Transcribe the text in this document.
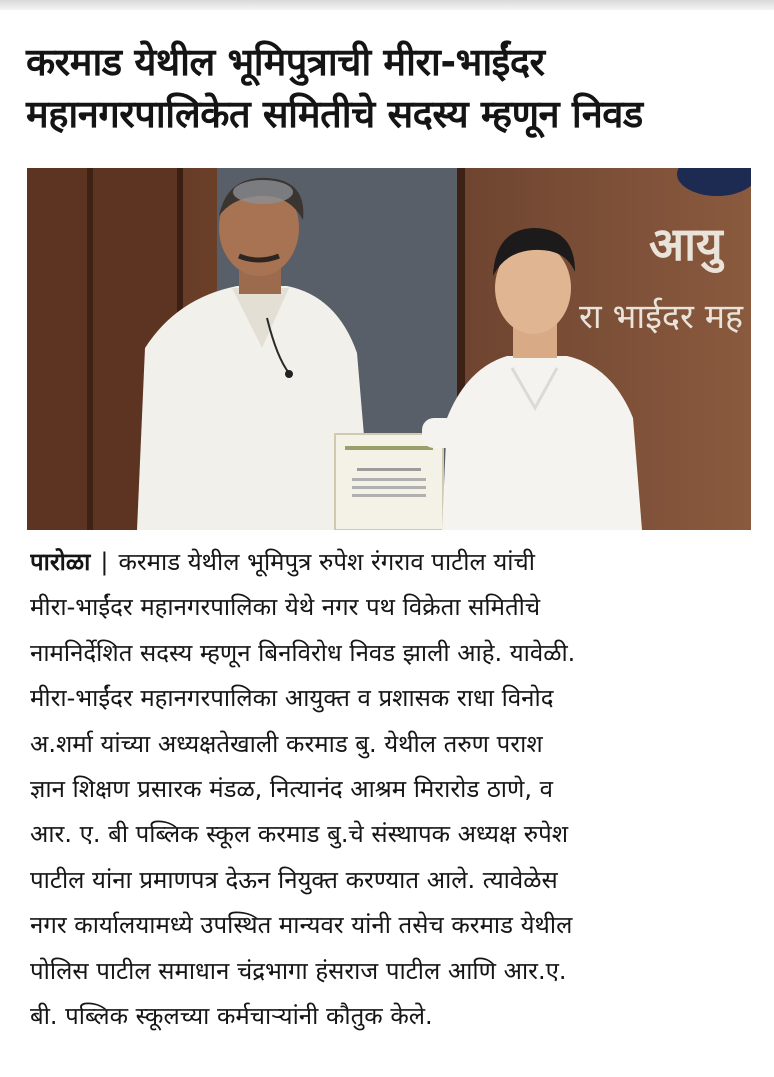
करमाड येथील भूमिपुत्राची मीरा-भाईंदर
महानगरपालिकेत समितीचे सदस्य म्हणून निवड
आयु
रा भाईदर मह
पारोळा | करमाड येथील भूमिपुत्र रुपेश रंगराव पाटील यांची
मीरा-भाईंदर महानगरपालिका येथे नगर पथ विक्रेता समितीचे
नामनिर्देशित सदस्य म्हणून बिनविरोध निवड झाली आहे. यावेळी.
मीरा-भाईंदर महानगरपालिका आयुक्त व प्रशासक राधा विनोद
अ.शर्मा यांच्या अध्यक्षतेखाली करमाड बु. येथील तरुण पराश
ज्ञान शिक्षण प्रसारक मंडळ, नित्यानंद आश्रम मिरारोड ठाणे, व
आर. ए. बी पब्लिक स्कूल करमाड बु.चे संस्थापक अध्यक्ष रुपेश
पाटील यांना प्रमाणपत्र देऊन नियुक्त करण्यात आले. त्यावेळेस
नगर कार्यालयामध्ये उपस्थित मान्यवर यांनी तसेच करमाड येथील
पोलिस पाटील समाधान चंद्रभागा हंसराज पाटील आणि आर.ए.
बी. पब्लिक स्कूलच्या कर्मचाऱ्यांनी कौतुक केले.
